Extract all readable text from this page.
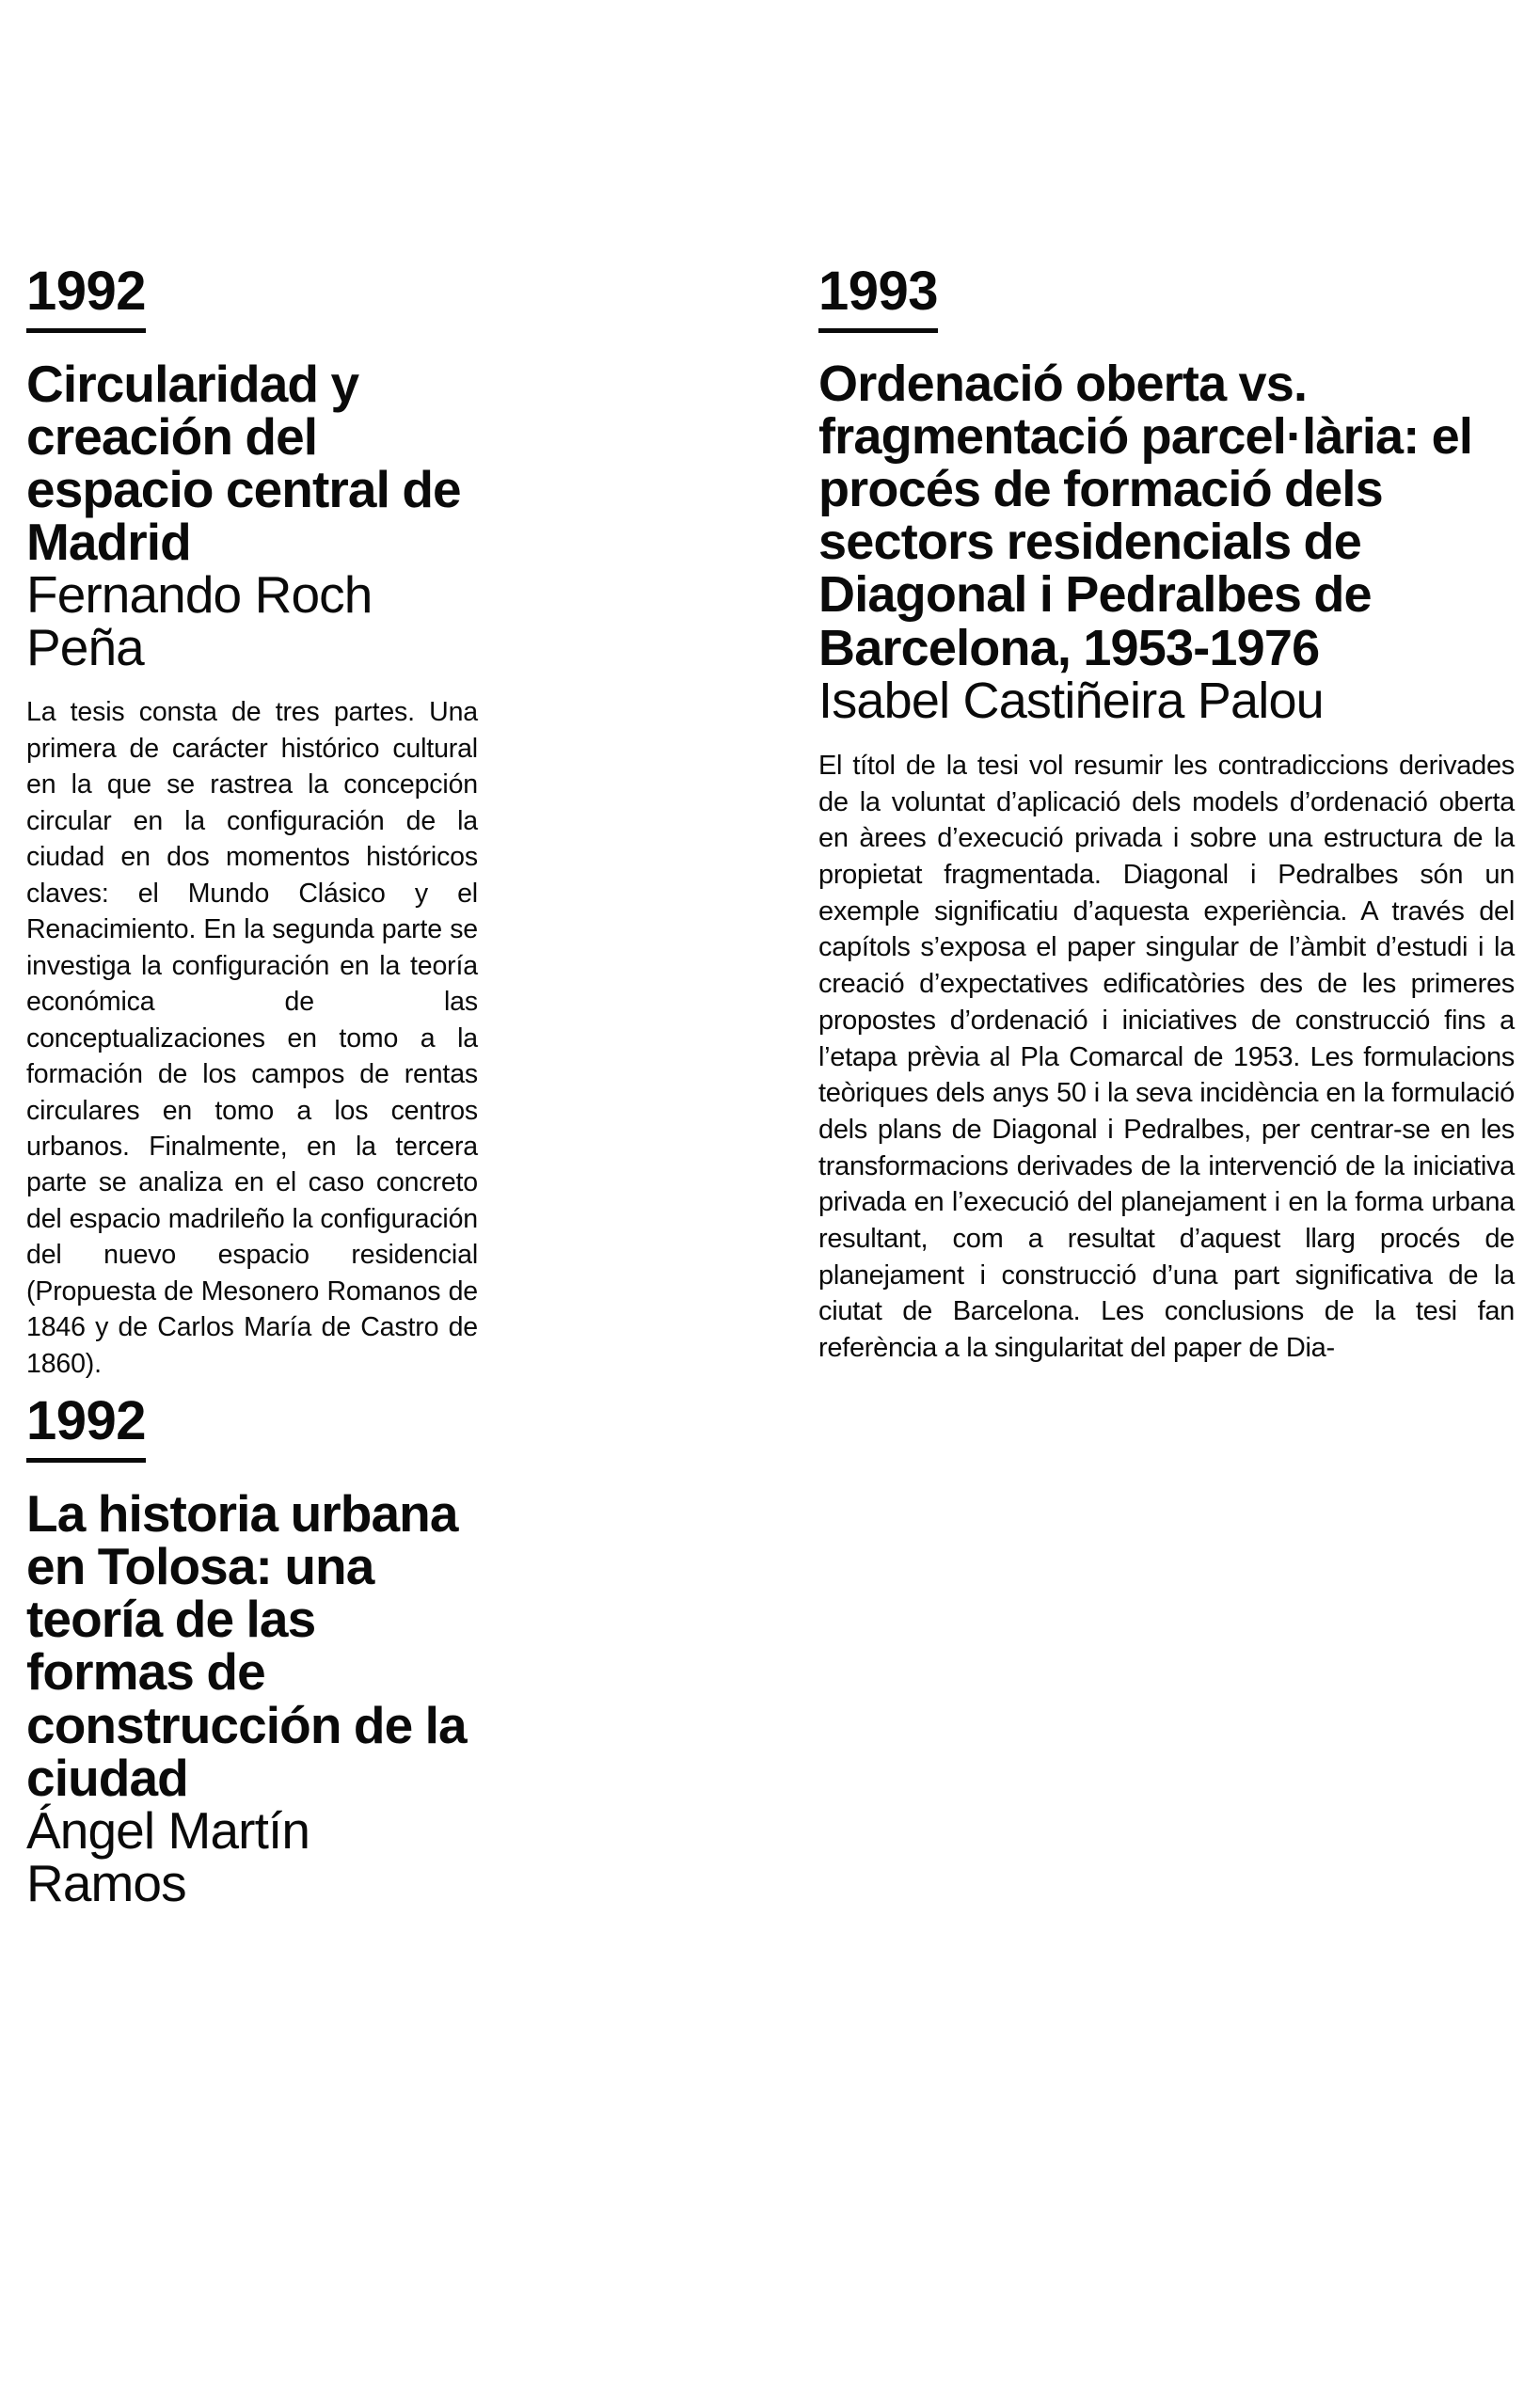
1992
Circularidad y creación del espacio central de Madrid
Fernando Roch Peña

La tesis consta de tres partes. Una primera de carácter histórico cultural en la que se rastrea la concepción circular en la configuración de la ciudad en dos momentos históricos claves: el Mundo Clásico y el Renacimiento. En la segunda parte se investiga la configuración en la teoría económica de las conceptualizaciones en tomo a la formación de los campos de rentas circulares en tomo a los centros urbanos. Finalmente, en la tercera parte se analiza en el caso concreto del espacio madrileño la configuración del nuevo espacio residencial (Propuesta de Mesonero Romanos de 1846 y de Carlos María de Castro de 1860).

1992
La historia urbana en Tolosa: una teoría de las formas de construcción de la ciudad
Ángel Martín Ramos
1993
Ordenació oberta vs. fragmentació parcel·lària: el procés de formació dels sectors residencials de Diagonal i Pedralbes de Barcelona, 1953-1976
Isabel Castiñeira Palou

El títol de la tesi vol resumir les contradiccions derivades de la voluntat d’aplicació dels models d’ordenació oberta en àrees d’execució privada i sobre una estructura de la propietat fragmentada. Diagonal i Pedralbes són un exemple significatiu d’aquesta experiència. A través del capítols s’exposa el paper singular de l’àmbit d’estudi i la creació d’expectatives edificatòries des de les primeres propostes d’ordenació i iniciatives de construcció fins a l’etapa prèvia al Pla Comarcal de 1953. Les formulacions teòriques dels anys 50 i la seva incidència en la formulació dels plans de Diagonal i Pedralbes, per centrar-se en les transformacions derivades de la intervenció de la iniciativa privada en l’execució del planejament i en la forma urbana resultant, com a resultat d’aquest llarg procés de planejament i construcció d’una part significativa de la ciutat de Barcelona. Les conclusions de la tesi fan referència a la singularitat del paper de Dia-
